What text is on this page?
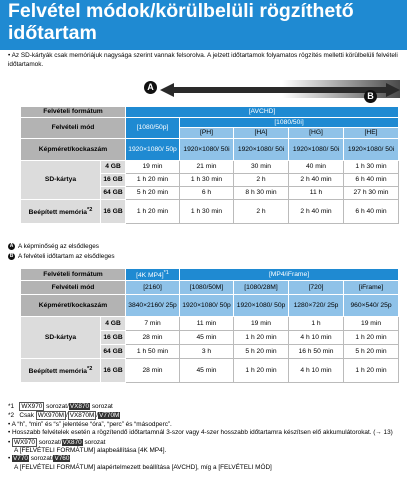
Felvétel módok/körülbelüli rögzíthető időtartam
• Az SD-kártyák csak memóriájuk nagysága szerint vannak felsorolva. A jelzett időtartamok folyamatos rögzítés melletti körülbelüli felvételi időtartamok.
A
B
Felvételi formátum		[AVCHD]				
Felvételi mód		[1080/50p]	[1080/50i]			
			[PH]	[HA]	[HG]	[HE]
Képméret/kockaszám		1920×1080/ 50p	1920×1080/ 50i	1920×1080/ 50i	1920×1080/ 50i	1920×1080/ 50i
SD-kártya	4 GB	19 min	21 min	30 min	40 min	1 h 30 min
	16 GB	1 h 20 min	1 h 30 min	2 h	2 h 40 min	6 h 40 min
	64 GB	5 h 20 min	6 h	8 h 30 min	11 h	27 h 30 min
Beépített memória$^{*2}$	16 GB	1 h 20 min	1 h 30 min	2 h	2 h 40 min	6 h 40 min
A A képminőség az elsődleges
B A felvételi időtartam az elsődleges
Felvételi formátum		[4K MP4]$^{*1}$	[MP4/iFrame]			
Felvételi mód		[2160]	[1080/50M]	[1080/28M]	[720]	[iFrame]
Képméret/kockaszám		3840×2160/ 25p	1920×1080/ 50p	1920×1080/ 50p	1280×720/ 25p	960×540/ 25p
SD-kártya	4 GB	7 min	11 min	19 min	1 h	19 min
	16 GB	28 min	45 min	1 h 20 min	4 h 10 min	1 h 20 min
	64 GB	1 h 50 min	3 h	5 h 20 min	16 h 50 min	5 h 20 min
Beépített memória$^{*2}$	16 GB	28 min	45 min	1 h 20 min	4 h 10 min	1 h 20 min
*1 WX970 sorozat/VX870 sorozat
*2 Csak WX970M / VX870M V770M
• A “h”, “min” és “s” jelentése “óra”, “perc” és “másodperc”.
• Hosszabb felvételek esetén a rögzítendő időtartamnál 3-szor vagy 4-szer hosszabb időtartamra készítsen elő akkumulátorokat. (→ 13)
• WX970 sorozat/VX870 sorozat
A [FELVÉTELI FORMÁTUM] alapbeállítása [4K MP4].
• V770 sorozat/V760
A [FELVÉTELI FORMÁTUM] alapértelmezett beállítása [AVCHD], míg a [FELVÉTELI MÓD]
